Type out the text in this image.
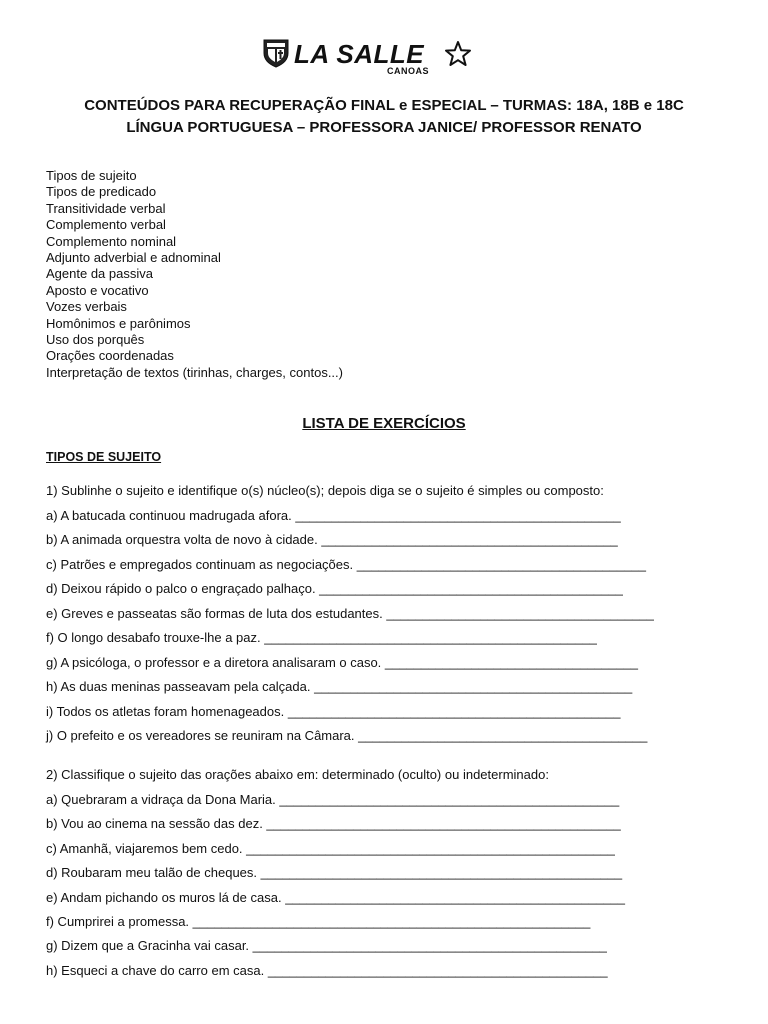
LA SALLE
CANOAS
CONTEÚDOS PARA RECUPERAÇÃO FINAL e ESPECIAL – TURMAS: 18A, 18B e 18C
LÍNGUA PORTUGUESA – PROFESSORA JANICE/ PROFESSOR RENATO
Tipos de sujeito
Tipos de predicado
Transitividade verbal
Complemento verbal
Complemento nominal
Adjunto adverbial e adnominal
Agente da passiva
Aposto e vocativo
Vozes verbais
Homônimos e parônimos
Uso dos porquês
Orações coordenadas
Interpretação de textos (tirinhas, charges, contos...)
LISTA DE EXERCÍCIOS
TIPOS DE SUJEITO
1) Sublinhe o sujeito e identifique o(s) núcleo(s); depois diga se o sujeito é simples ou composto:
a) A batucada continuou madrugada afora. _____________________________________________
b) A animada orquestra volta de novo à cidade. _________________________________________
c) Patrões e empregados continuam as negociações. ________________________________________
d) Deixou rápido o palco o engraçado palhaço. __________________________________________
e) Greves e passeatas são formas de luta dos estudantes. _____________________________________
f) O longo desabafo trouxe-lhe a paz. ______________________________________________
g) A psicóloga, o professor e a diretora analisaram o caso. ___________________________________
h) As duas meninas passeavam pela calçada. ____________________________________________
i) Todos os atletas foram homenageados. ______________________________________________
j) O prefeito e os vereadores se reuniram na Câmara. ________________________________________
2) Classifique o sujeito das orações abaixo em: determinado (oculto) ou indeterminado:
a) Quebraram a vidraça da Dona Maria. _______________________________________________
b) Vou ao cinema na sessão das dez. _________________________________________________
c) Amanhã, viajaremos bem cedo. ___________________________________________________
d) Roubaram meu talão de cheques. __________________________________________________
e) Andam pichando os muros lá de casa. _______________________________________________
f) Cumprirei a promessa. _______________________________________________________
g) Dizem que a Gracinha vai casar. _________________________________________________
h) Esqueci a chave do carro em casa. _______________________________________________
